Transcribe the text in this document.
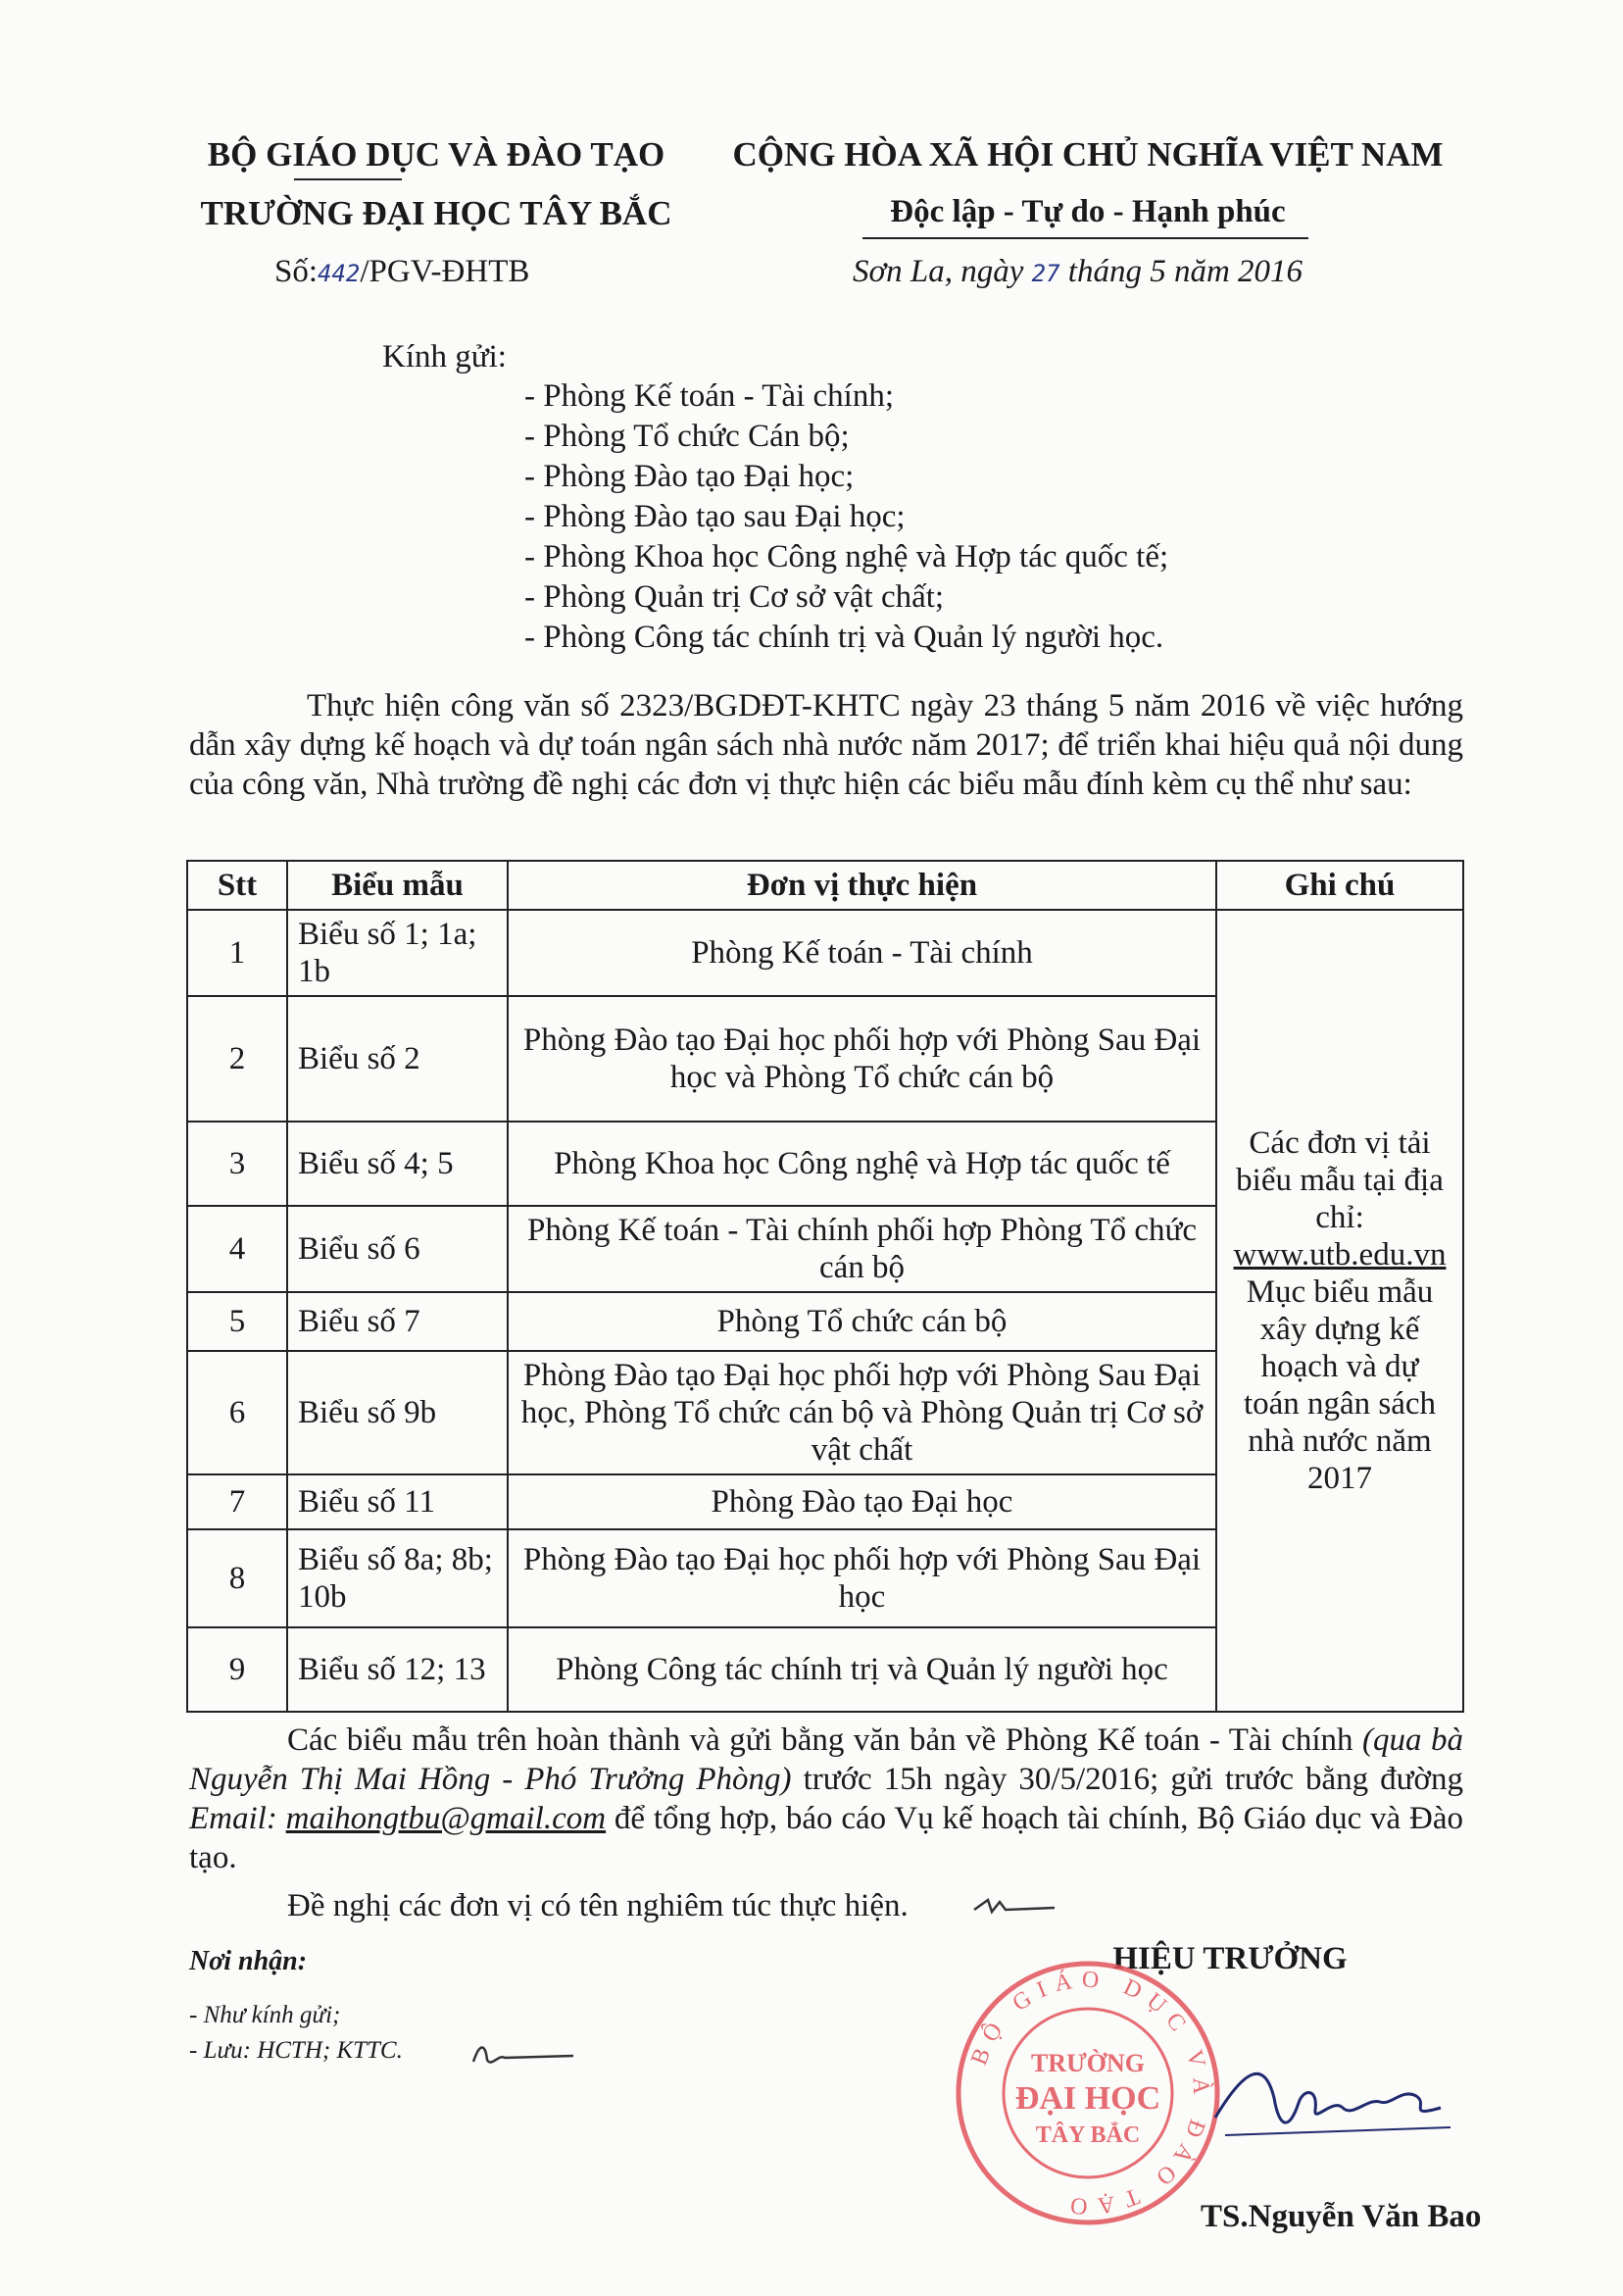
BỘ GIÁO DỤC VÀ ĐÀO TẠO
TRƯỜNG ĐẠI HỌC TÂY BẮC
Số:442/PGV-ĐHTB
CỘNG HÒA XÃ HỘI CHỦ NGHĨA VIỆT NAM
Độc lập - Tự do - Hạnh phúc
Sơn La, ngày 27 tháng 5 năm 2016
Kính gửi:
- Phòng Kế toán - Tài chính;
- Phòng Tổ chức Cán bộ;
- Phòng Đào tạo Đại học;
- Phòng Đào tạo sau Đại học;
- Phòng Khoa học Công nghệ và Hợp tác quốc tế;
- Phòng Quản trị Cơ sở vật chất;
- Phòng Công tác chính trị và Quản lý người học.
Thực hiện công văn số 2323/BGDĐT-KHTC ngày 23 tháng 5 năm 2016 về việc hướng dẫn xây dựng kế hoạch và dự toán ngân sách nhà nước năm 2017; để triển khai hiệu quả nội dung của công văn, Nhà trường đề nghị các đơn vị thực hiện các biểu mẫu đính kèm cụ thể như sau:
Stt	Biểu mẫu	Đơn vị thực hiện	Ghi chú
1	Biểu số 1; 1a; 1b	Phòng Kế toán - Tài chính	Các đơn vị tải biểu mẫu tại địa chỉ:
www.utb.edu.vn
Mục biểu mẫu xây dựng kế hoạch và dự toán ngân sách nhà nước năm 2017

2	Biểu số 2	Phòng Đào tạo Đại học phối hợp với Phòng Sau Đại học và Phòng Tổ chức cán bộ	
3	Biểu số 4; 5	Phòng Khoa học Công nghệ và Hợp tác quốc tế	
4	Biểu số 6	Phòng Kế toán - Tài chính phối hợp Phòng Tổ chức cán bộ	
5	Biểu số 7	Phòng Tổ chức cán bộ	
6	Biểu số 9b	Phòng Đào tạo Đại học phối hợp với Phòng Sau Đại học, Phòng Tổ chức cán bộ và Phòng Quản trị Cơ sở vật chất	
7	Biểu số 11	Phòng Đào tạo Đại học	
8	Biểu số 8a; 8b; 10b	Phòng Đào tạo Đại học phối hợp với Phòng Sau Đại học	
9	Biểu số 12; 13	Phòng Công tác chính trị và Quản lý người học	
Các biểu mẫu trên hoàn thành và gửi bằng văn bản về Phòng Kế toán - Tài chính (qua bà Nguyễn Thị Mai Hồng - Phó Trưởng Phòng) trước 15h ngày 30/5/2016; gửi trước bằng đường Email: maihongtbu@gmail.com để tổng hợp, báo cáo Vụ kế hoạch tài chính, Bộ Giáo dục và Đào tạo.
Đề nghị các đơn vị có tên nghiêm túc thực hiện.
Nơi nhận:
- Như kính gửi;
- Lưu: HCTH; KTTC.
HIỆU TRƯỞNG
BỘ GIÁO DỤC VÀ ĐÀO TẠO
TRƯỜNG
ĐẠI HỌC
TÂY BẮC
TS.Nguyễn Văn Bao
